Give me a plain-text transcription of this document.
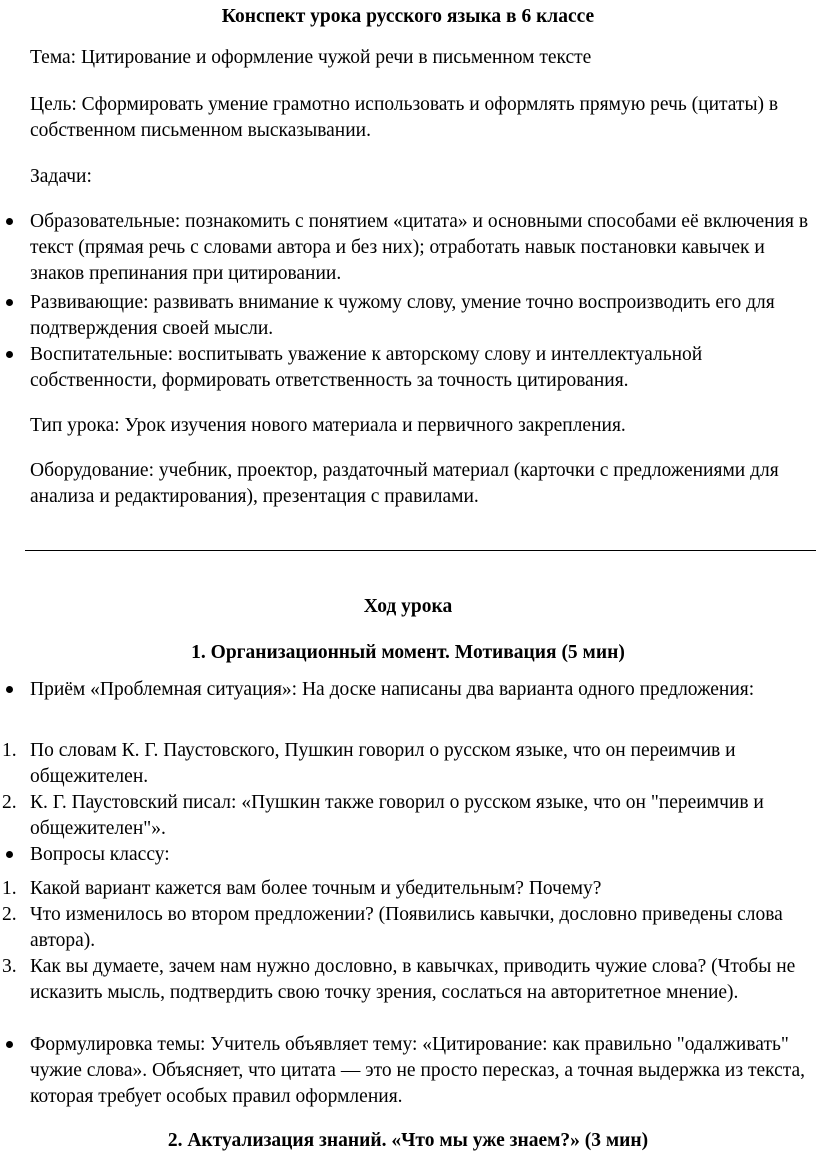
Конспект урока русского языка в 6 классе

Тема: Цитирование и оформление чужой речи в письменном тексте

Цель: Сформировать умение грамотно использовать и оформлять прямую речь (цитаты) в собственном письменном высказывании.

Задачи:

Образовательные: познакомить с понятием «цитата» и основными способами её включения в текст (прямая речь с словами автора и без них); отработать навык постановки кавычек и знаков препинания при цитировании.
Развивающие: развивать внимание к чужому слову, умение точно воспроизводить его для подтверждения своей мысли.
Воспитательные: воспитывать уважение к авторскому слову и интеллектуальной собственности, формировать ответственность за точность цитирования.

Тип урока: Урок изучения нового материала и первичного закрепления.

Оборудование: учебник, проектор, раздаточный материал (карточки с предложениями для анализа и редактирования), презентация с правилами.

Ход урока

1. Организационный момент. Мотивация (5 мин)

Приём «Проблемная ситуация»: На доске написаны два варианта одного предложения:
1. По словам К. Г. Паустовского, Пушкин говорил о русском языке, что он переимчив и общежителен.
2. К. Г. Паустовский писал: «Пушкин также говорил о русском языке, что он "переимчив и общежителен"».
Вопросы классу:
1. Какой вариант кажется вам более точным и убедительным? Почему?
2. Что изменилось во втором предложении? (Появились кавычки, дословно приведены слова автора).
3. Как вы думаете, зачем нам нужно дословно, в кавычках, приводить чужие слова? (Чтобы не исказить мысль, подтвердить свою точку зрения, сослаться на авторитетное мнение).
Формулировка темы: Учитель объявляет тему: «Цитирование: как правильно "одалживать" чужие слова». Объясняет, что цитата — это не просто пересказ, а точная выдержка из текста, которая требует особых правил оформления.

2. Актуализация знаний. «Что мы уже знаем?» (3 мин)
